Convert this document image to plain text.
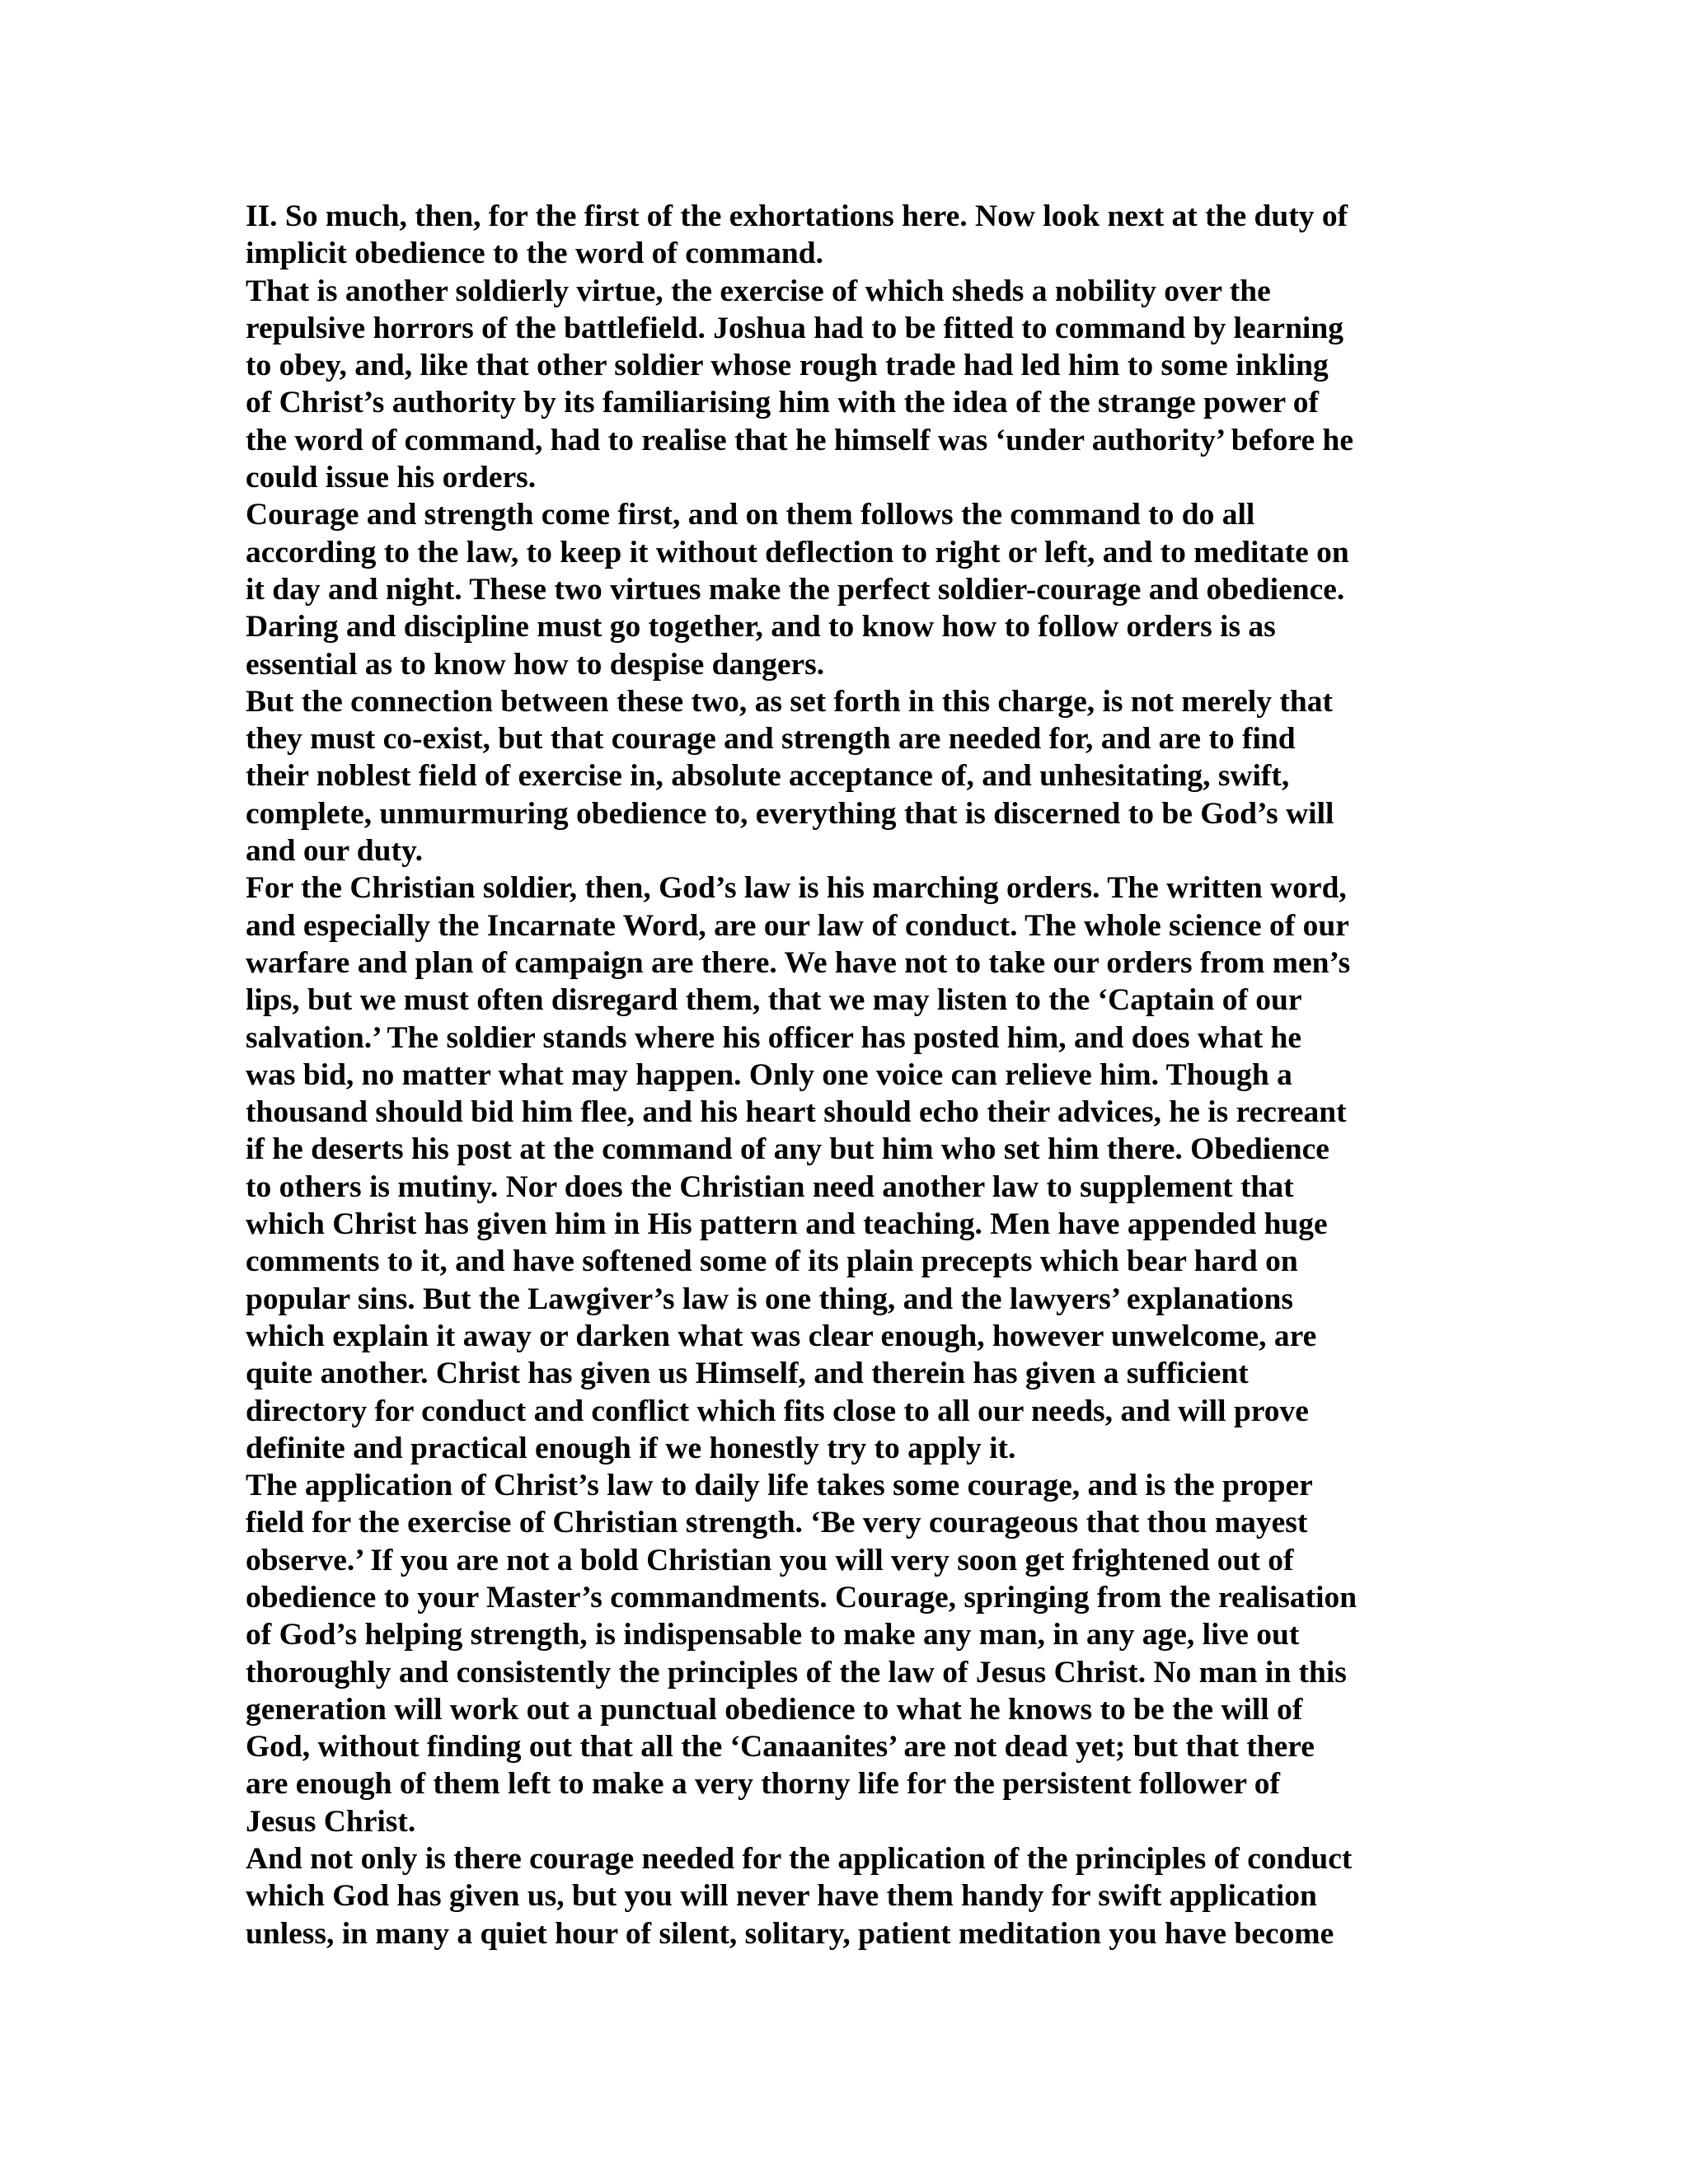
II. So much, then, for the first of the exhortations here. Now look next at the duty of
implicit obedience to the word of command.
That is another soldierly virtue, the exercise of which sheds a nobility over the
repulsive horrors of the battlefield. Joshua had to be fitted to command by learning
to obey, and, like that other soldier whose rough trade had led him to some inkling
of Christ’s authority by its familiarising him with the idea of the strange power of
the word of command, had to realise that he himself was ‘under authority’ before he
could issue his orders.
Courage and strength come first, and on them follows the command to do all
according to the law, to keep it without deflection to right or left, and to meditate on
it day and night. These two virtues make the perfect soldier-courage and obedience.
Daring and discipline must go together, and to know how to follow orders is as
essential as to know how to despise dangers.
But the connection between these two, as set forth in this charge, is not merely that
they must co-exist, but that courage and strength are needed for, and are to find
their noblest field of exercise in, absolute acceptance of, and unhesitating, swift,
complete, unmurmuring obedience to, everything that is discerned to be God’s will
and our duty.
For the Christian soldier, then, God’s law is his marching orders. The written word,
and especially the Incarnate Word, are our law of conduct. The whole science of our
warfare and plan of campaign are there. We have not to take our orders from men’s
lips, but we must often disregard them, that we may listen to the ‘Captain of our
salvation.’ The soldier stands where his officer has posted him, and does what he
was bid, no matter what may happen. Only one voice can relieve him. Though a
thousand should bid him flee, and his heart should echo their advices, he is recreant
if he deserts his post at the command of any but him who set him there. Obedience
to others is mutiny. Nor does the Christian need another law to supplement that
which Christ has given him in His pattern and teaching. Men have appended huge
comments to it, and have softened some of its plain precepts which bear hard on
popular sins. But the Lawgiver’s law is one thing, and the lawyers’ explanations
which explain it away or darken what was clear enough, however unwelcome, are
quite another. Christ has given us Himself, and therein has given a sufficient
directory for conduct and conflict which fits close to all our needs, and will prove
definite and practical enough if we honestly try to apply it.
The application of Christ’s law to daily life takes some courage, and is the proper
field for the exercise of Christian strength. ‘Be very courageous that thou mayest
observe.’ If you are not a bold Christian you will very soon get frightened out of
obedience to your Master’s commandments. Courage, springing from the realisation
of God’s helping strength, is indispensable to make any man, in any age, live out
thoroughly and consistently the principles of the law of Jesus Christ. No man in this
generation will work out a punctual obedience to what he knows to be the will of
God, without finding out that all the ‘Canaanites’ are not dead yet; but that there
are enough of them left to make a very thorny life for the persistent follower of
Jesus Christ.
And not only is there courage needed for the application of the principles of conduct
which God has given us, but you will never have them handy for swift application
unless, in many a quiet hour of silent, solitary, patient meditation you have become
